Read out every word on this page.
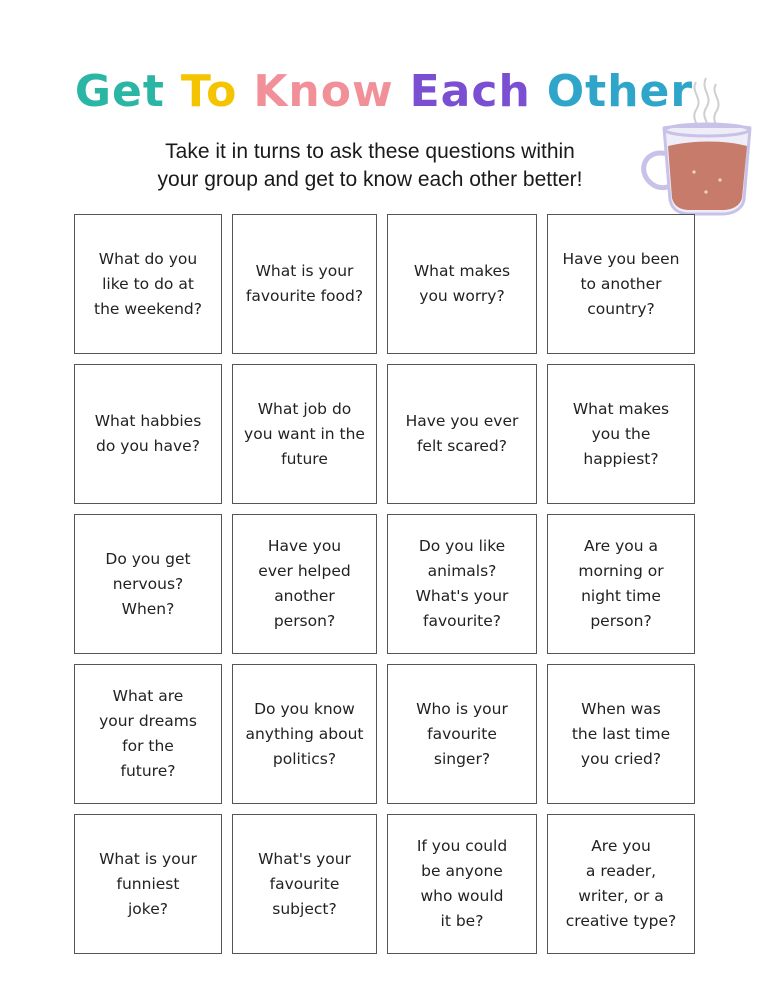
Get To Know Each Other

Take it in turns to ask these questions within
your group and get to know each other better!

What do you
like to do at
the weekend?
What is your
favourite food?
What makes
you worry?
Have you been
to another
country?
What habbies
do you have?
What job do
you want in the
future
Have you ever
felt scared?
What makes
you the
happiest?
Do you get
nervous?
When?
Have you
ever helped
another
person?
Do you like
animals?
What's your
favourite?
Are you a
morning or
night time
person?
What are
your dreams
for the
future?
Do you know
anything about
politics?
Who is your
favourite
singer?
When was
the last time
you cried?
What is your
funniest
joke?
What's your
favourite
subject?
If you could
be anyone
who would
it be?
Are you
a reader,
writer, or a
creative type?
